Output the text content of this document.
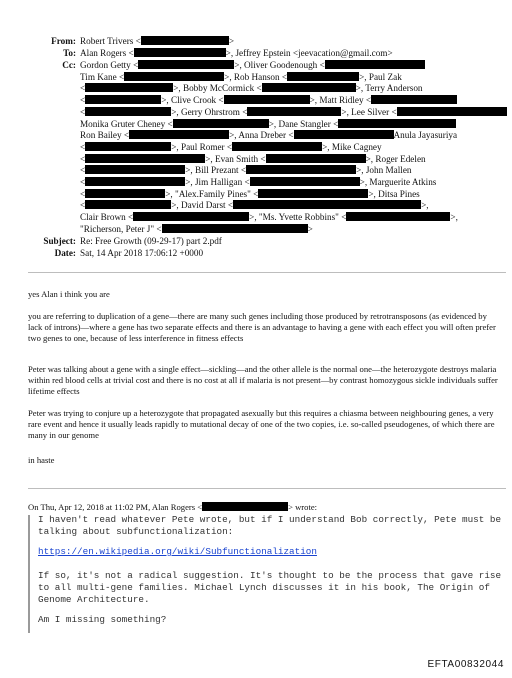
From: Robert Trivers <	>
To: Alan Rogers <	>, Jeffrey Epstein <jeevacation@gmail.com>
Cc: Gordon Getty <	>, Oliver Goodenough <
Tim Kane <	>, Rob Hanson <	>, Paul Zak
<	>, Bobby McCormick <	>, Terry Anderson
<	>, Clive Crook <	>, Matt Ridley <
<	>, Gerry Ohrstrom <	>, Lee Silver <
Monika Gruter Cheney <	>, Dane Stangler <
Ron Bailey <	>, Anna Dreber <	Anula Jayasuriya
<	>, Paul Romer <	>, Mike Cagney
<	>, Evan Smith <	>, Roger Edelen
<	>, Bill Prezant <	>, John Mallen
<	>, Jim Halligan <	>, Marguerite Atkins
<	>, "Alex.Family Pines" <	>, Ditsa Pines
<	>, David Darst <	>,
Clair Brown <	>, "Ms. Yvette Robbins" <	>,
"Richerson, Peter J" <	>
Subject: Re: Free Growth (09-29-17) part 2.pdf
Date: Sat, 14 Apr 2018 17:06:12 +0000
yes Alan i think you are
you are referring to duplication of a gene—there are many such genes including those produced by retrotransposons (as evidenced by lack of introns)—where a gene has two separate effects and there is an advantage to having a gene with each effect you will often prefer two genes to one, because of less interference in fitness effects
Peter was talking about a gene with a single effect—sickling—and the other allele is the normal one—the heterozygote destroys malaria within red blood cells at trivial cost and there is no cost at all if malaria is not present—by contrast homozygous sickle individuals suffer lifetime effects
Peter was trying to conjure up a heterozygote that propagated asexually but this requires a chiasma between neighbouring genes, a very rare event and hence it usually leads rapidly to mutational decay of one of the two copies, i.e. so-called pseudogenes, of which there are many in our genome
in haste
On Thu, Apr 12, 2018 at 11:02 PM, Alan Rogers <	> wrote:
I haven't read whatever Pete wrote, but if I understand Bob correctly, Pete must be talking about subfunctionalization:
https://en.wikipedia.org/wiki/Subfunctionalization
If so, it's not a radical suggestion. It's thought to be the process that gave rise to all multi-gene families. Michael Lynch discusses it in his book, The Origin of Genome Architecture.
Am I missing something?
EFTA00832044
